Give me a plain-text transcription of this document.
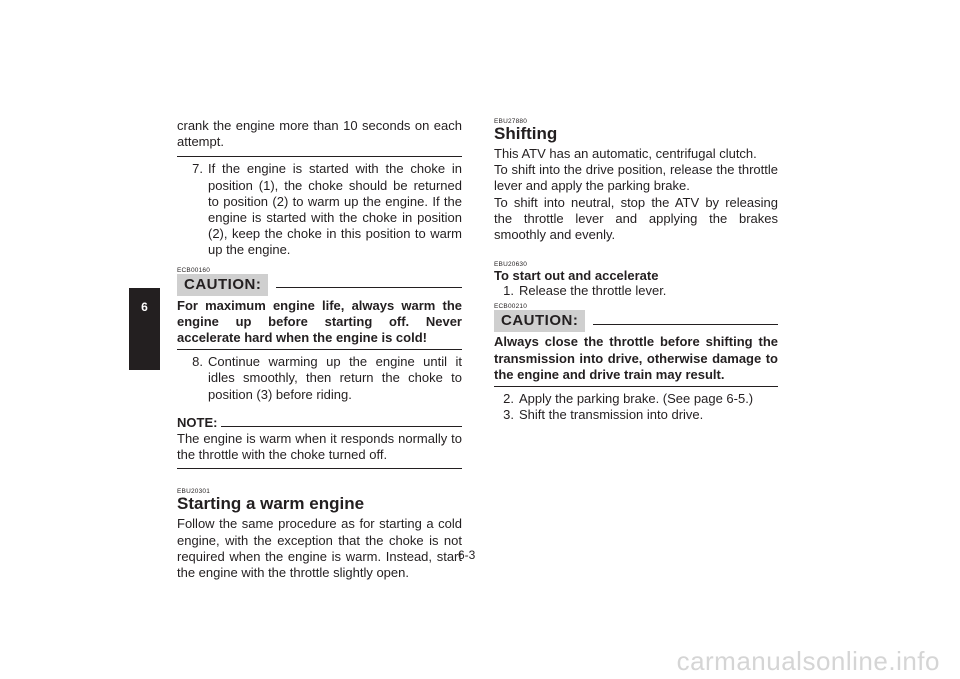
6
crank the engine more than 10 seconds on each attempt.
7. If the engine is started with the choke in position (1), the choke should be returned to position (2) to warm up the engine. If the engine is started with the choke in position (2), keep the choke in this position to warm up the engine.
ECB00160
CAUTION:
For maximum engine life, always warm the engine up before starting off. Never accelerate hard when the engine is cold!
8. Continue warming up the engine until it idles smoothly, then return the choke to position (3) before riding.
NOTE:
The engine is warm when it responds normally to the throttle with the choke turned off.
EBU20301
Starting a warm engine
Follow the same procedure as for starting a cold engine, with the exception that the choke is not required when the engine is warm. Instead, start the engine with the throttle slightly open.
EBU27880
Shifting
This ATV has an automatic, centrifugal clutch.
To shift into the drive position, release the throttle lever and apply the parking brake.
To shift into neutral, stop the ATV by releasing the throttle lever and applying the brakes smoothly and evenly.
EBU20630
To start out and accelerate
1. Release the throttle lever.
ECB00210
CAUTION:
Always close the throttle before shifting the transmission into drive, otherwise damage to the engine and drive train may result.
2. Apply the parking brake. (See page 6-5.)
3. Shift the transmission into drive.
6-3
carmanualsonline.info
